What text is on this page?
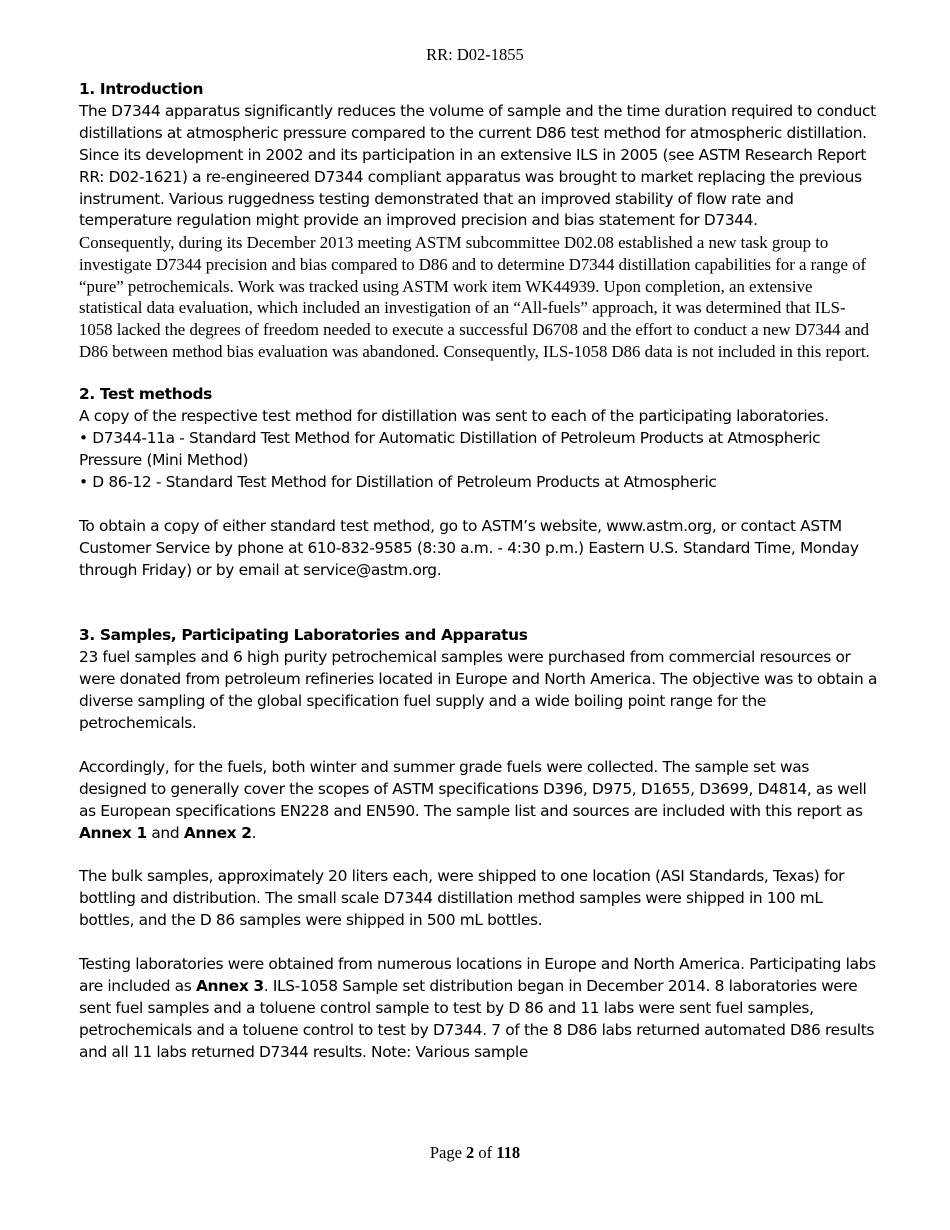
RR: D02-1855
1. Introduction

The D7344 apparatus significantly reduces the volume of sample and the time duration required to conduct distillations at atmospheric pressure compared to the current D86 test method for atmospheric distillation. Since its development in 2002 and its participation in an extensive ILS in 2005 (see ASTM Research Report RR: D02-1621) a re-engineered D7344 compliant apparatus was brought to market replacing the previous instrument. Various ruggedness testing demonstrated that an improved stability of flow rate and temperature regulation might provide an improved precision and bias statement for D7344.

Consequently, during its December 2013 meeting ASTM subcommittee D02.08 established a new task group to investigate D7344 precision and bias compared to D86 and to determine D7344 distillation capabilities for a range of “pure” petrochemicals. Work was tracked using ASTM work item WK44939. Upon completion, an extensive statistical data evaluation, which included an investigation of an “All-fuels” approach, it was determined that ILS-1058 lacked the degrees of freedom needed to execute a successful D6708 and the effort to conduct a new D7344 and D86 between method bias evaluation was abandoned. Consequently, ILS-1058 D86 data is not included in this report.

2. Test methods

A copy of the respective test method for distillation was sent to each of the participating laboratories.

• D7344-11a - Standard Test Method for Automatic Distillation of Petroleum Products at Atmospheric Pressure (Mini Method)

• D 86-12 - Standard Test Method for Distillation of Petroleum Products at Atmospheric

To obtain a copy of either standard test method, go to ASTM’s website, www.astm.org, or contact ASTM Customer Service by phone at 610-832-9585 (8:30 a.m. - 4:30 p.m.) Eastern U.S. Standard Time, Monday through Friday) or by email at service@astm.org.

3. Samples, Participating Laboratories and Apparatus

23 fuel samples and 6 high purity petrochemical samples were purchased from commercial resources or were donated from petroleum refineries located in Europe and North America. The objective was to obtain a diverse sampling of the global specification fuel supply and a wide boiling point range for the petrochemicals.

Accordingly, for the fuels, both winter and summer grade fuels were collected. The sample set was designed to generally cover the scopes of ASTM specifications D396, D975, D1655, D3699, D4814, as well as European specifications EN228 and EN590. The sample list and sources are included with this report as Annex 1 and Annex 2.

The bulk samples, approximately 20 liters each, were shipped to one location (ASI Standards, Texas) for bottling and distribution. The small scale D7344 distillation method samples were shipped in 100 mL bottles, and the D 86 samples were shipped in 500 mL bottles.

Testing laboratories were obtained from numerous locations in Europe and North America. Participating labs are included as Annex 3. ILS-1058 Sample set distribution began in December 2014. 8 laboratories were sent fuel samples and a toluene control sample to test by D 86 and 11 labs were sent fuel samples, petrochemicals and a toluene control to test by D7344. 7 of the 8 D86 labs returned automated D86 results and all 11 labs returned D7344 results. Note: Various sample

Page 2 of 118
